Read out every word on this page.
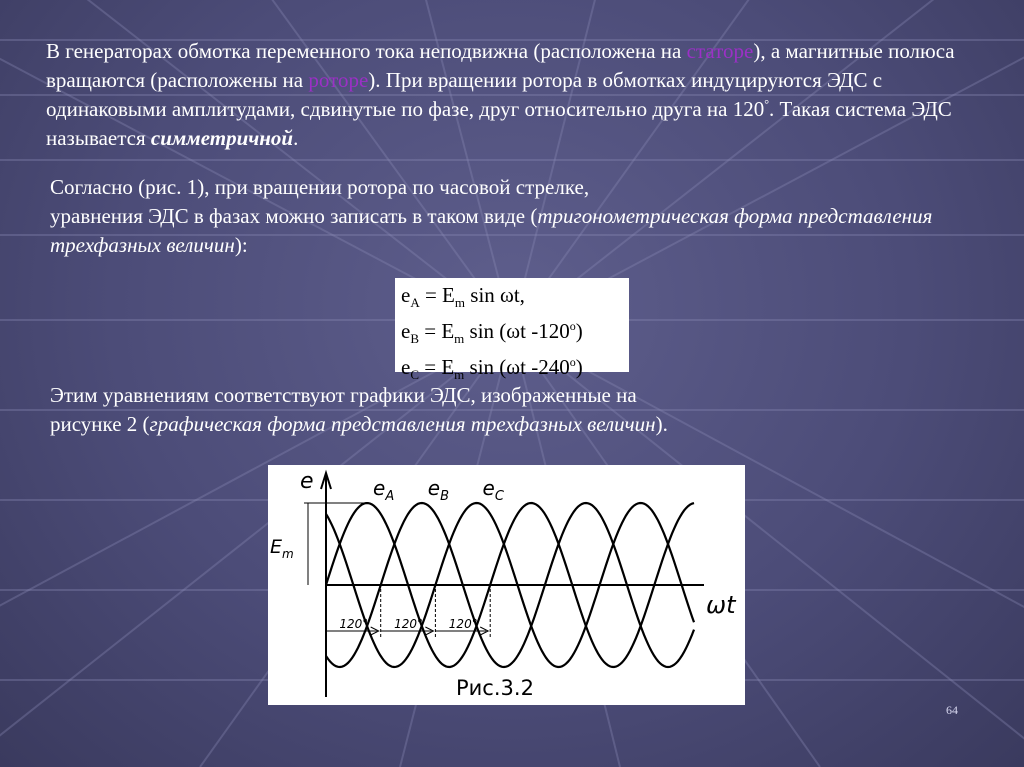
В генераторах обмотка переменного тока неподвижна (расположена на статоре), а магнитные полюса вращаются (расположены на роторе). При вращении ротора в обмотках индуцируются ЭДС с одинаковыми амплитудами, сдвинутые по фазе, друг относительно друга на 120°. Такая система ЭДС называется симметричной.

Согласно (рис. 1), при вращении ротора по часовой стрелке,
уравнения ЭДС в фазах можно записать в таком виде (тригонометрическая форма представления трехфазных величин):

$e_A = E_m$ sin ωt,
$e_B = E_m$ sin (ωt -120$^o$)
$e_C = E_m$ sin (ωt -240$^o$)

Этим уравнениям соответствуют графики ЭДС, изображенные на
рисунке 2 (графическая форма представления трехфазных величин).

e
ωt
$E_m$
$e_A$ $e_B$ $e_C$
120° 120° 120°
Рис.3.2
64
